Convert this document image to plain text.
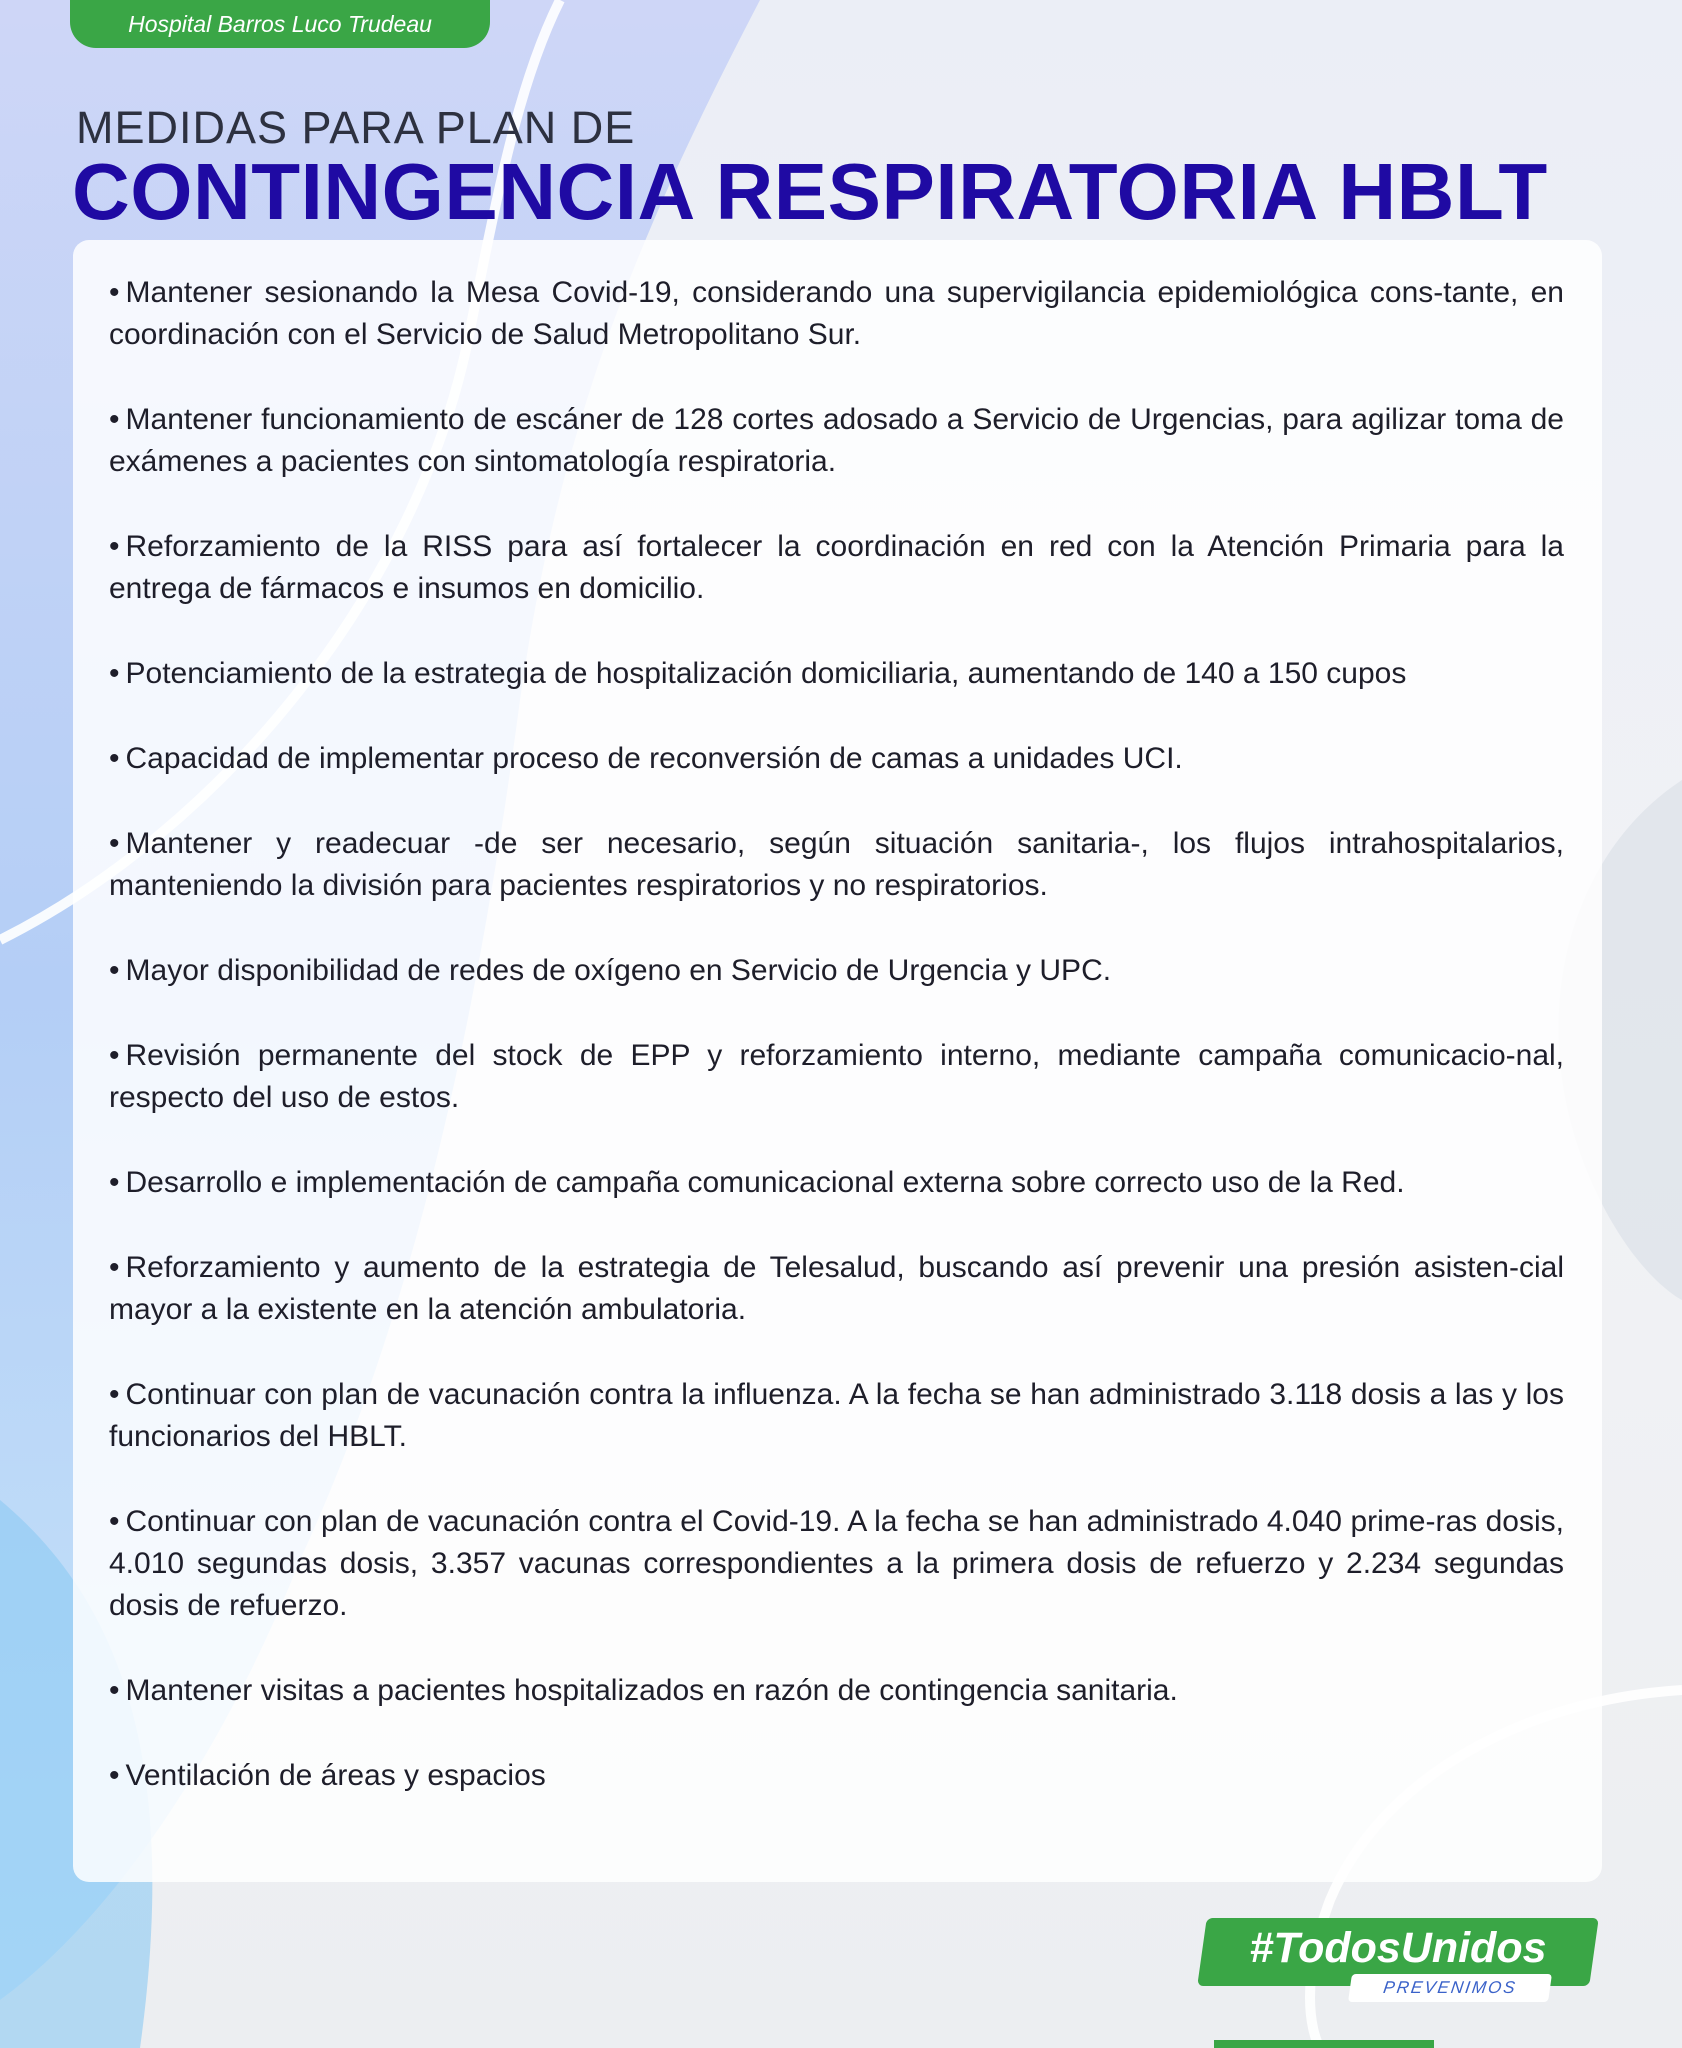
Hospital Barros Luco Trudeau
MEDIDAS PARA PLAN DE
CONTINGENCIA RESPIRATORIA HBLT
• Mantener sesionando la Mesa Covid-19, considerando una supervigilancia epidemiológica cons-tante, en coordinación con el Servicio de Salud Metropolitano Sur.
• Mantener funcionamiento de escáner de 128 cortes adosado a Servicio de Urgencias, para agilizar toma de exámenes a pacientes con sintomatología respiratoria.
• Reforzamiento de la RISS para así fortalecer la coordinación en red con la Atención Primaria para la entrega de fármacos e insumos en domicilio.
• Potenciamiento de la estrategia de hospitalización domiciliaria, aumentando de 140 a 150 cupos
• Capacidad de implementar proceso de reconversión de camas a unidades UCI.
• Mantener y readecuar -de ser necesario, según situación sanitaria-, los flujos intrahospitalarios, manteniendo la división para pacientes respiratorios y no respiratorios.
• Mayor disponibilidad de redes de oxígeno en Servicio de Urgencia y UPC.
• Revisión permanente del stock de EPP y reforzamiento interno, mediante campaña comunicacio-nal, respecto del uso de estos.
• Desarrollo e implementación de campaña comunicacional externa sobre correcto uso de la Red.
• Reforzamiento y aumento de la estrategia de Telesalud, buscando así prevenir una presión asisten-cial mayor a la existente en la atención ambulatoria.
• Continuar con plan de vacunación contra la influenza. A la fecha se han administrado 3.118 dosis a las y los funcionarios del HBLT.
• Continuar con plan de vacunación contra el Covid-19. A la fecha se han administrado 4.040 prime-ras dosis, 4.010 segundas dosis, 3.357 vacunas correspondientes a la primera dosis de refuerzo y 2.234 segundas dosis de refuerzo.
• Mantener visitas a pacientes hospitalizados en razón de contingencia sanitaria.
• Ventilación de áreas y espacios
#TodosUnidos
PREVENIMOS
